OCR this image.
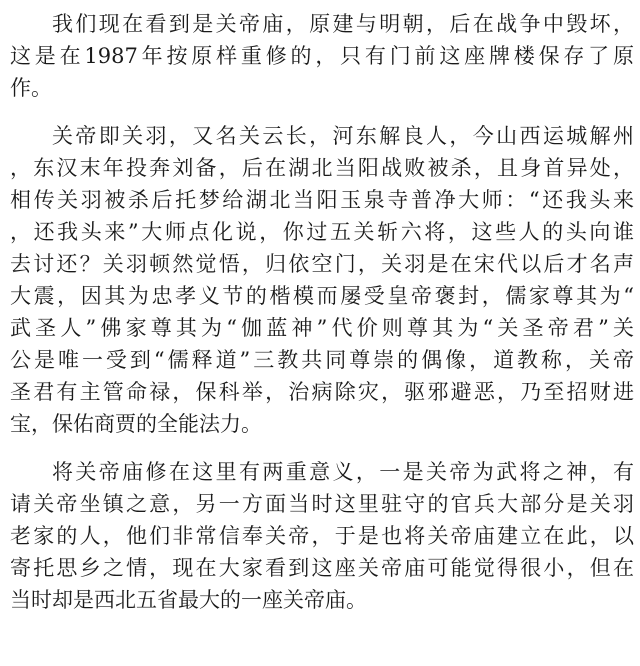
我们现在看到是关帝庙，原建与明朝，后在战争中毁坏，
这是在1987年按原样重修的，只有门前这座牌楼保存了原
作。
关帝即关羽，又名关云长，河东解良人，今山西运城解州
，东汉末年投奔刘备，后在湖北当阳战败被杀，且身首异处，
相传关羽被杀后托梦给湖北当阳玉泉寺普净大师：“还我头来
，还我头来”大师点化说，你过五关斩六将，这些人的头向谁
去讨还？关羽顿然觉悟，归依空门，关羽是在宋代以后才名声
大震，因其为忠孝义节的楷模而屡受皇帝褒封，儒家尊其为“
武圣人”佛家尊其为“伽蓝神”代价则尊其为“关圣帝君”关
公是唯一受到“儒释道”三教共同尊崇的偶像，道教称，关帝
圣君有主管命禄，保科举，治病除灾，驱邪避恶，乃至招财进
宝，保佑商贾的全能法力。
将关帝庙修在这里有两重意义，一是关帝为武将之神，有
请关帝坐镇之意，另一方面当时这里驻守的官兵大部分是关羽
老家的人，他们非常信奉关帝，于是也将关帝庙建立在此，以
寄托思乡之情，现在大家看到这座关帝庙可能觉得很小，但在
当时却是西北五省最大的一座关帝庙。
